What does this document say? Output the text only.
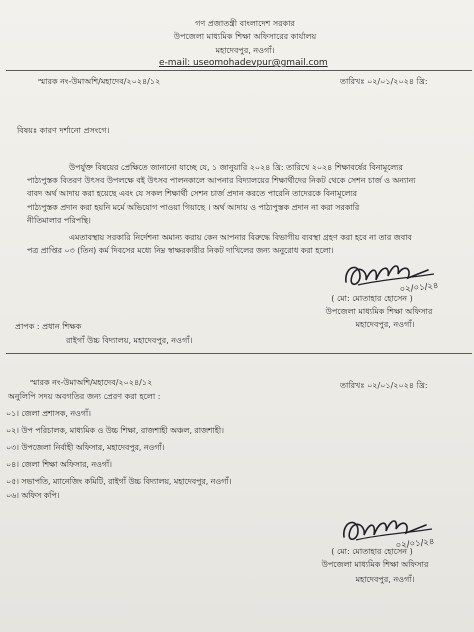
গণ প্রজাতন্ত্রী বাংলাদেশ সরকার
উপজেলা মাধ্যমিক শিক্ষা অফিসারের কার্যালয়
মহাদেবপুর, নওগাঁ।
e-mail: useomohadevpur@gmail.com
স্মারক নং-উমাঅশি/মহাদেব/২০২৪/১২	তারিখঃ ০২/০১/২০২৪ খ্রি:
বিষয়ঃ কারণ দর্শানো প্রসংগে।
উপর্যুক্ত বিষয়ের প্রেক্ষিতে জানানো যাচ্ছে যে, ১ জানুয়ারি ২০২৪ খ্রি: তারিখে ২০২৪ শিক্ষাবর্ষের বিনামূল্যের
পাঠ্যপুস্তক বিতরণ উৎসব উপলক্ষে বই উৎসব পালনকালে আপনার বিদ্যালয়ের শিক্ষার্থীদের নিকট থেকে সেশন চার্জ ও অন্যান্য
বাবদ অর্থ আদায় করা হয়েছে এবং যে সকল শিক্ষার্থী সেশন চার্জ প্রদান করতে পারেনি তাদেরকে বিনামূল্যের
পাঠ্যপুস্তক প্রদান করা হয়নি মর্মে অভিযোগ পাওয়া গিয়াছে । অর্থ আদায় ও পাঠ্যপুস্তক প্রদান না করা সরকারি
নীতিমালার পরিপন্থি।
এমতাবস্থায় সরকারি নির্দেশনা অমান্য করায় কেন আপনার বিরুদ্ধে বিভাগীয় ব্যবস্থা গ্রহণ করা হবে না তার জবাব
পত্র প্রাপ্তির ০৩ (তিন) কর্ম দিবসের মধ্যে নিম্ন স্বাক্ষরকারীর নিকট দাখিলের জন্য অনুরোধ করা হলো।
০২/০১/২৪
( মো: মোতাহার হোসেন )
উপজেলা মাধ্যমিক শিক্ষা অফিসার
মহাদেবপুর, নওগাঁ।
প্রাপক : প্রধান শিক্ষক
রাইগাঁ উচ্চ বিদ্যালয়, মহাদেবপুর, নওগাঁ।
স্মারক নং-উমাঅশি/মহাদেব/২০২৪/১২	তারিখঃ ০২/০১/২০২৪ খ্রি:
অনুলিপি সদয় অবগতির জন্য প্রেরণ করা হলো :
০১। জেলা প্রশাসক, নওগাঁ।
০২। উপ পরিচালক, মাধ্যমিক ও উচ্চ শিক্ষা, রাজশাহী অঞ্চল, রাজশাহী।
০৩। উপজেলা নির্বাহী অফিসার, মহাদেবপুর, নওগাঁ।
০৪। জেলা শিক্ষা অফিসার, নওগাঁ।
০৫। সভাপতি, ম্যানেজিং কমিটি, রাইগাঁ উচ্চ বিদ্যালয়, মহাদেবপুর, নওগাঁ।
০৬। অফিস কপি।
০২/০১/২৪
( মো: মোতাহার হোসেন )
উপজেলা মাধ্যমিক শিক্ষা অফিসার
মহাদেবপুর, নওগাঁ।
